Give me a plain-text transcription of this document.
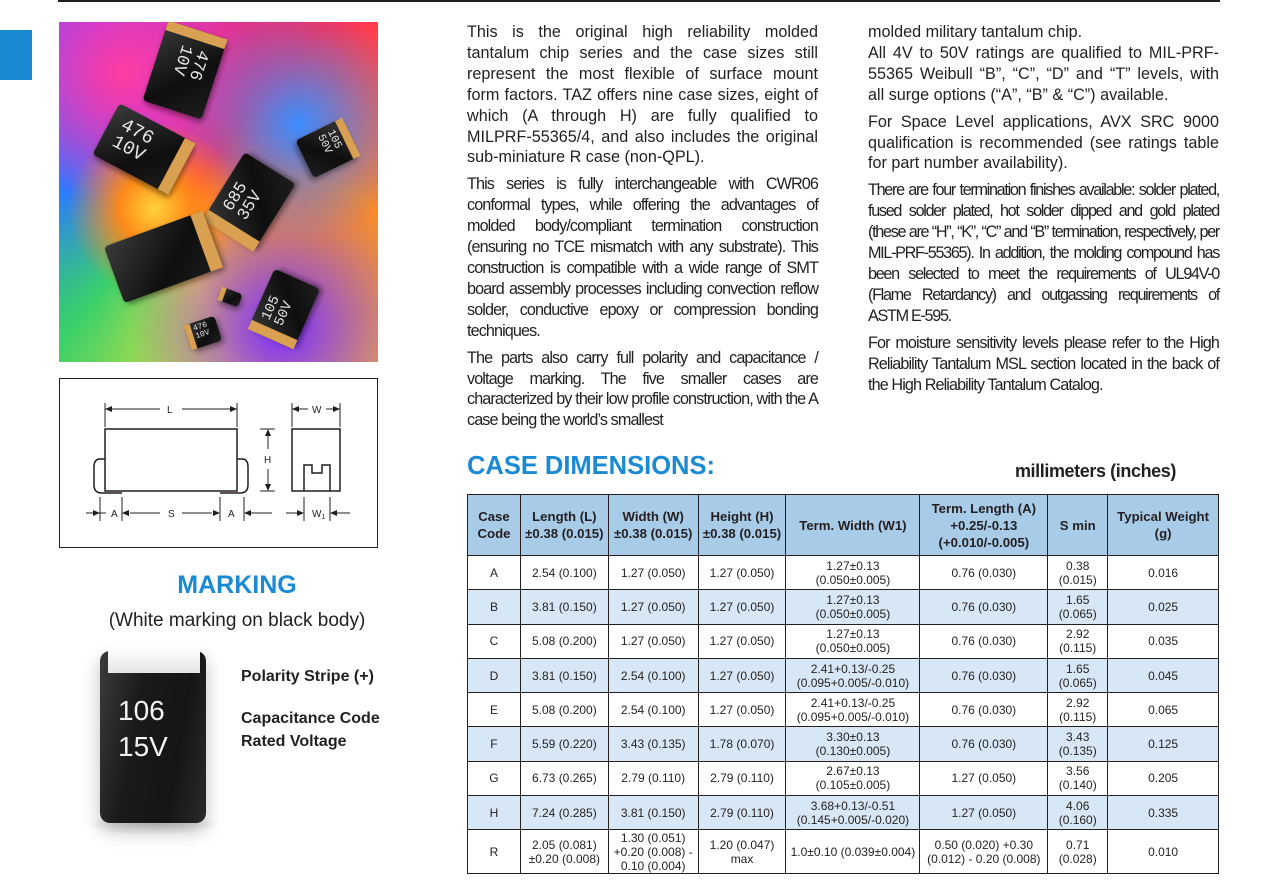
476
10V
476
10V	105
50V
685
35V
105
50V
476
10V
L	W
H
A	S	A	$W_1$
MARKING
(White marking on black body)
106
15V
Polarity Stripe (+)
Capacitance Code
Rated Voltage

This is the original high reliability molded tantalum chip series and the case sizes still represent the most flexible of surface mount form factors. TAZ offers nine case sizes, eight of which (A through H) are fully qualified to MILPRF-55365/4, and also includes the original sub-miniature R case (non-QPL).

This series is fully interchangeable with CWR06 conformal types, while offering the advantages of molded body/compliant termination construction (ensuring no TCE mismatch with any substrate). This construction is compatible with a wide range of SMT board assembly processes including convection reflow solder, conductive epoxy or compression bonding techniques.

The parts also carry full polarity and capacitance / voltage marking. The five smaller cases are characterized by their low profile construction, with the A case being the world’s smallest

molded military tantalum chip.
All 4V to 50V ratings are qualified to MIL-PRF-55365 Weibull “B”, “C”, “D” and “T” levels, with all surge options (“A”, “B” & “C”) available.

For Space Level applications, AVX SRC 9000 qualification is recommended (see ratings table for part number availability).

There are four termination finishes available: solder plated, fused solder plated, hot solder dipped and gold plated (these are “H”, “K”, “C” and “B” termination, respectively, per MIL-PRF-55365). In addition, the molding compound has been selected to meet the requirements of UL94V-0 (Flame Retardancy) and outgassing requirements of ASTM E-595.

For moisture sensitivity levels please refer to the High Reliability Tantalum MSL section located in the back of the High Reliability Tantalum Catalog.

CASE DIMENSIONS:	millimeters (inches)
Case Code	Length (L) ±0.38 (0.015)	Width (W) ±0.38 (0.015)	Height (H) ±0.38 (0.015)	Term. Width (W1)	Term. Length (A) +0.25/-0.13 (+0.010/-0.005)	S min	Typical Weight (g)
A	2.54 (0.100)	1.27 (0.050)	1.27 (0.050)	1.27±0.13 (0.050±0.005)	0.76 (0.030)	0.38 (0.015)	0.016
B	3.81 (0.150)	1.27 (0.050)	1.27 (0.050)	1.27±0.13 (0.050±0.005)	0.76 (0.030)	1.65 (0.065)	0.025
C	5.08 (0.200)	1.27 (0.050)	1.27 (0.050)	1.27±0.13 (0.050±0.005)	0.76 (0.030)	2.92 (0.115)	0.035
D	3.81 (0.150)	2.54 (0.100)	1.27 (0.050)	2.41+0.13/-0.25 (0.095+0.005/-0.010)	0.76 (0.030)	1.65 (0.065)	0.045
E	5.08 (0.200)	2.54 (0.100)	1.27 (0.050)	2.41+0.13/-0.25 (0.095+0.005/-0.010)	0.76 (0.030)	2.92 (0.115)	0.065
F	5.59 (0.220)	3.43 (0.135)	1.78 (0.070)	3.30±0.13 (0.130±0.005)	0.76 (0.030)	3.43 (0.135)	0.125
G	6.73 (0.265)	2.79 (0.110)	2.79 (0.110)	2.67±0.13 (0.105±0.005)	1.27 (0.050)	3.56 (0.140)	0.205
H	7.24 (0.285)	3.81 (0.150)	2.79 (0.110)	3.68+0.13/-0.51 (0.145+0.005/-0.020)	1.27 (0.050)	4.06 (0.160)	0.335
R	2.05 (0.081) ±0.20 (0.008)	1.30 (0.051) +0.20 (0.008) - 0.10 (0.004)	1.20 (0.047) max	1.0±0.10 (0.039±0.004)	0.50 (0.020) +0.30 (0.012) - 0.20 (0.008)	0.71 (0.028)	0.010
